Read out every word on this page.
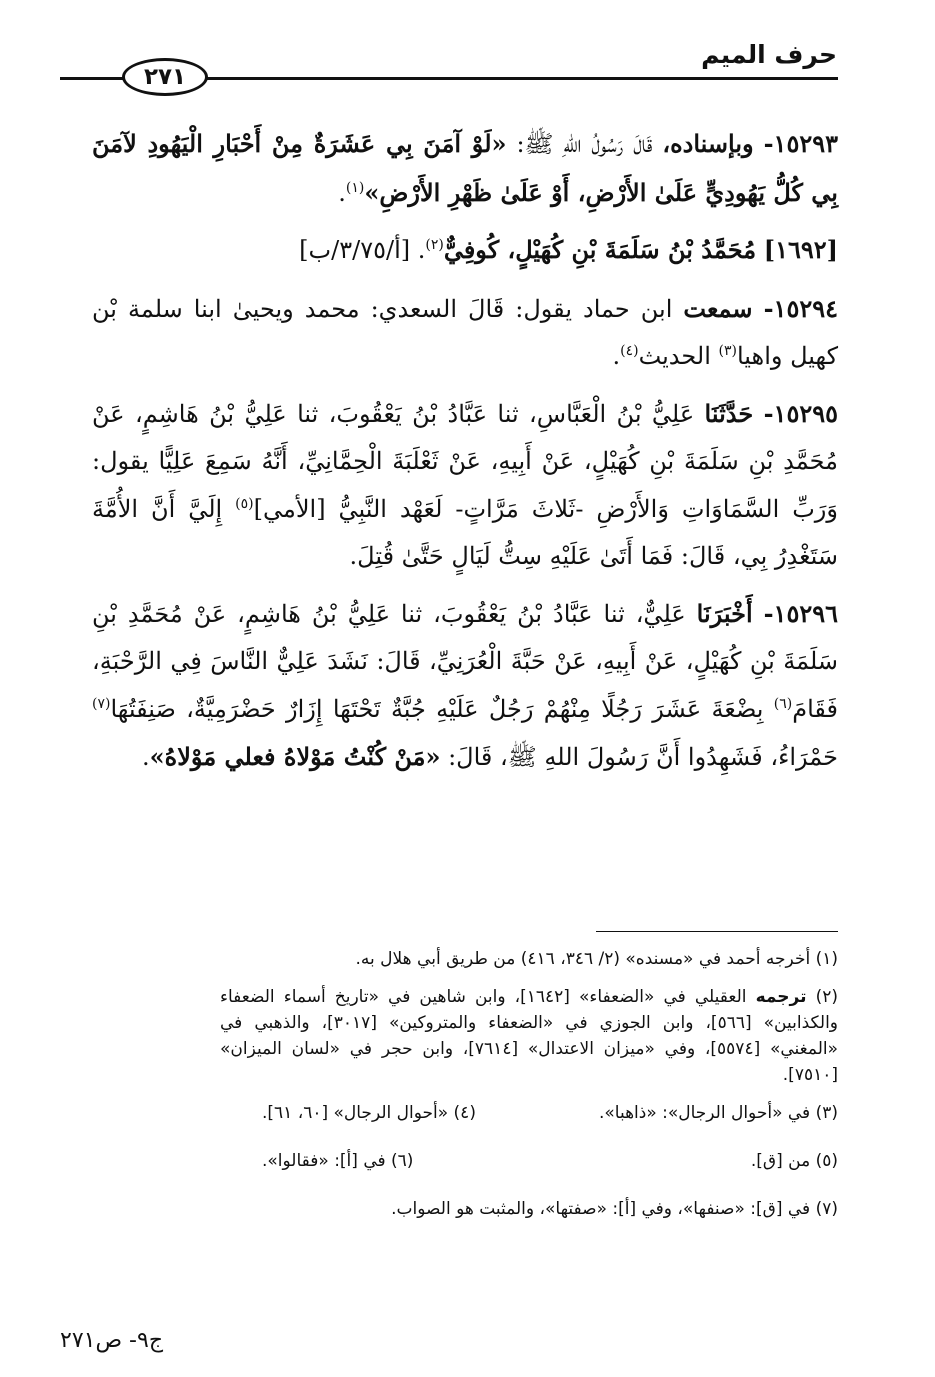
حرف الميم
٢٧١

١٥٢٩٣- وبإسناده، قَالَ رَسُولُ اللهِ ﷺ: «لَوْ آمَنَ بِي عَشَرَةٌ مِنْ أَحْبَارِ الْيَهُودِ لآمَنَ بِي كُلُّ يَهُودِيٍّ عَلَىٰ الأَرْضِ، أَوْ عَلَىٰ ظَهْرِ الأَرْضِ»$^{(١)}$.

[١٦٩٢] مُحَمَّدُ بْنُ سَلَمَةَ بْنِ كُهَيْلٍ، كُوفِيٌّ$^{(٢)}$. [أ/٣/٧٥/ب]

١٥٢٩٤- سمعت ابن حماد يقول: قَالَ السعدي: محمد ويحيىٰ ابنا سلمة بْن كهيل واهيا$^{(٣)}$ الحديث$^{(٤)}$.

١٥٢٩٥- حَدَّثَنَا عَلِيُّ بْنُ الْعَبَّاسِ، ثنا عَبَّادُ بْنُ يَعْقُوبَ، ثنا عَلِيُّ بْنُ هَاشِمٍ، عَنْ مُحَمَّدِ بْنِ سَلَمَةَ بْنِ كُهَيْلٍ، عَنْ أَبِيهِ، عَنْ ثَعْلَبَةَ الْحِمَّانِيِّ، أَنَّهُ سَمِعَ عَلِيًّا يقول: وَرَبِّ السَّمَاوَاتِ وَالأَرْضِ -ثَلاثَ مَرَّاتٍ- لَعَهْد النَّبِيُّ [الأمي]$^{(٥)}$ إِلَيَّ أَنَّ الأُمَّةَ سَتَغْدِرُ بِي، قَالَ: فَمَا أَتَىٰ عَلَيْهِ سِتُّ لَيَالٍ حَتَّىٰ قُتِلَ.

١٥٢٩٦- أَخْبَرَنَا عَلِيٌّ، ثنا عَبَّادُ بْنُ يَعْقُوبَ، ثنا عَلِيُّ بْنُ هَاشِمٍ، عَنْ مُحَمَّدِ بْنِ سَلَمَةَ بْنِ كُهَيْلٍ، عَنْ أَبِيهِ، عَنْ حَبَّةَ الْعُرَنِيِّ، قَالَ: نَشَدَ عَلِيٌّ النَّاسَ فِي الرَّحْبَةِ، فَقَامَ$^{(٦)}$ بِضْعَةَ عَشَرَ رَجُلًا مِنْهُمْ رَجُلٌ عَلَيْهِ جُبَّةٌ تَحْتَهَا إِزَارٌ حَضْرَمِيَّةٌ، صَنِفَتُهَا$^{(٧)}$ حَمْرَاءُ، فَشَهِدُوا أَنَّ رَسُولَ اللهِ ﷺ، قَالَ: «مَنْ كُنْتُ مَوْلاهُ فعلي مَوْلاهُ».

(١) أخرجه أحمد في «مسنده» (٢/ ٣٤٦، ٤١٦) من طريق أبي هلال به.

(٢) ترجمه العقيلي في «الضعفاء» [١٦٤٢]، وابن شاهين في «تاريخ أسماء الضعفاء والكذابين» [٥٦٦]، وابن الجوزي في «الضعفاء والمتروكين» [٣٠١٧]، والذهبي في «المغني» [٥٥٧٤]، وفي «ميزان الاعتدال» [٧٦١٤]، وابن حجر في «لسان الميزان» [٧٥١٠].

(٣) في «أحوال الرجال»: «ذاهبا».
(٤) «أحوال الرجال» [٦٠، ٦١].
(٥) من [ق].
(٦) في [أ]: «فقالوا».

(٧) في [ق]: «صنفها»، وفي [أ]: «صفتها»، والمثبت هو الصواب.

ج٩- ص٢٧١
